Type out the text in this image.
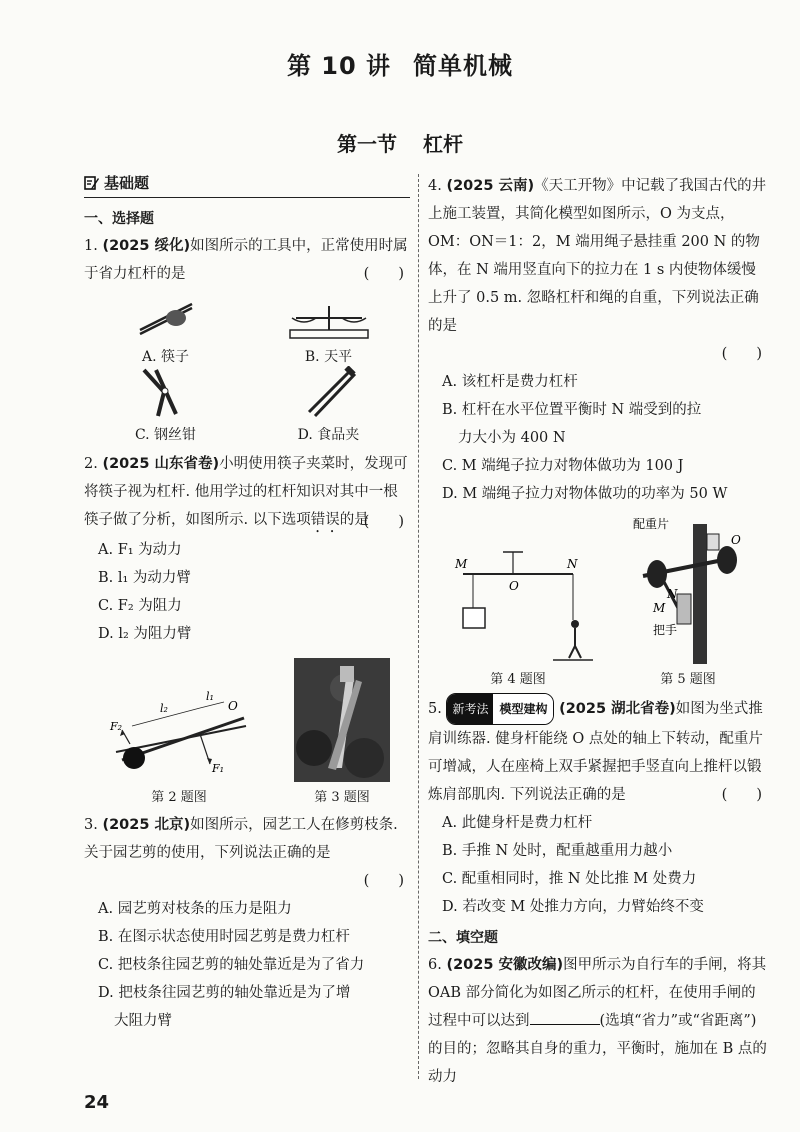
第 10 讲 简单机械
第一节 杠杆
基础题
一、选择题
1. (2025 绥化)如图所示的工具中，正常使用时属于省力杠杆的是	(　　)
A. 筷子	B. 天平
C. 钢丝钳	D. 食品夹
2. (2025 山东省卷)小明使用筷子夹菜时，发现可将筷子视为杠杆. 他用学过的杠杆知识对其中一根筷子做了分析，如图所示. 以下选项错误的是
(　　)
A. F₁ 为动力
B. l₁ 为动力臂
C. F₂ 为阻力
D. l₂ 为阻力臂
F₂
l₂
l₁
O
F₁
第 2 题图	第 3 题图
3. (2025 北京)如图所示，园艺工人在修剪枝条. 关于园艺剪的使用，下列说法正确的是
(　　)
A. 园艺剪对枝条的压力是阻力
B. 在图示状态使用时园艺剪是费力杠杆
C. 把枝条往园艺剪的轴处靠近是为了省力
D. 把枝条往园艺剪的轴处靠近是为了增
大阻力臂
4. (2025 云南)《天工开物》中记载了我国古代的井上施工装置，其简化模型如图所示，O 为支点，OM：ON＝1：2，M 端用绳子悬挂重 200 N 的物体，在 N 端用竖直向下的拉力在 1 s 内使物体缓慢上升了 0.5 m. 忽略杠杆和绳的自重，下列说法正确的是
(　　)
A. 该杠杆是费力杠杆
B. 杠杆在水平位置平衡时 N 端受到的拉
力大小为 400 N
C. M 端绳子拉力对物体做功为 100 J
D. M 端绳子拉力对物体做功的功率为 50 W
M
O
N
第 4 题图
配重片
O
N
M
把手
第 5 题图
5. 新考法 模型建构 (2025 湖北省卷)如图为坐式推肩训练器. 健身杆能绕 O 点处的轴上下转动，配重片可增减，人在座椅上双手紧握把手竖直向上推杆以锻炼肩部肌肉. 下列说法正确的是	(　　)
A. 此健身杆是费力杠杆
B. 手推 N 处时，配重越重用力越小
C. 配重相同时，推 N 处比推 M 处费力
D. 若改变 M 处推力方向，力臂始终不变
二、填空题
6. (2025 安徽改编)图甲所示为自行车的手闸，将其 OAB 部分简化为如图乙所示的杠杆，在使用手闸的过程中可以达到	(选填“省力”或“省距离”) 的目的；忽略其自身的重力，平衡时，施加在 B 点的动力
24
